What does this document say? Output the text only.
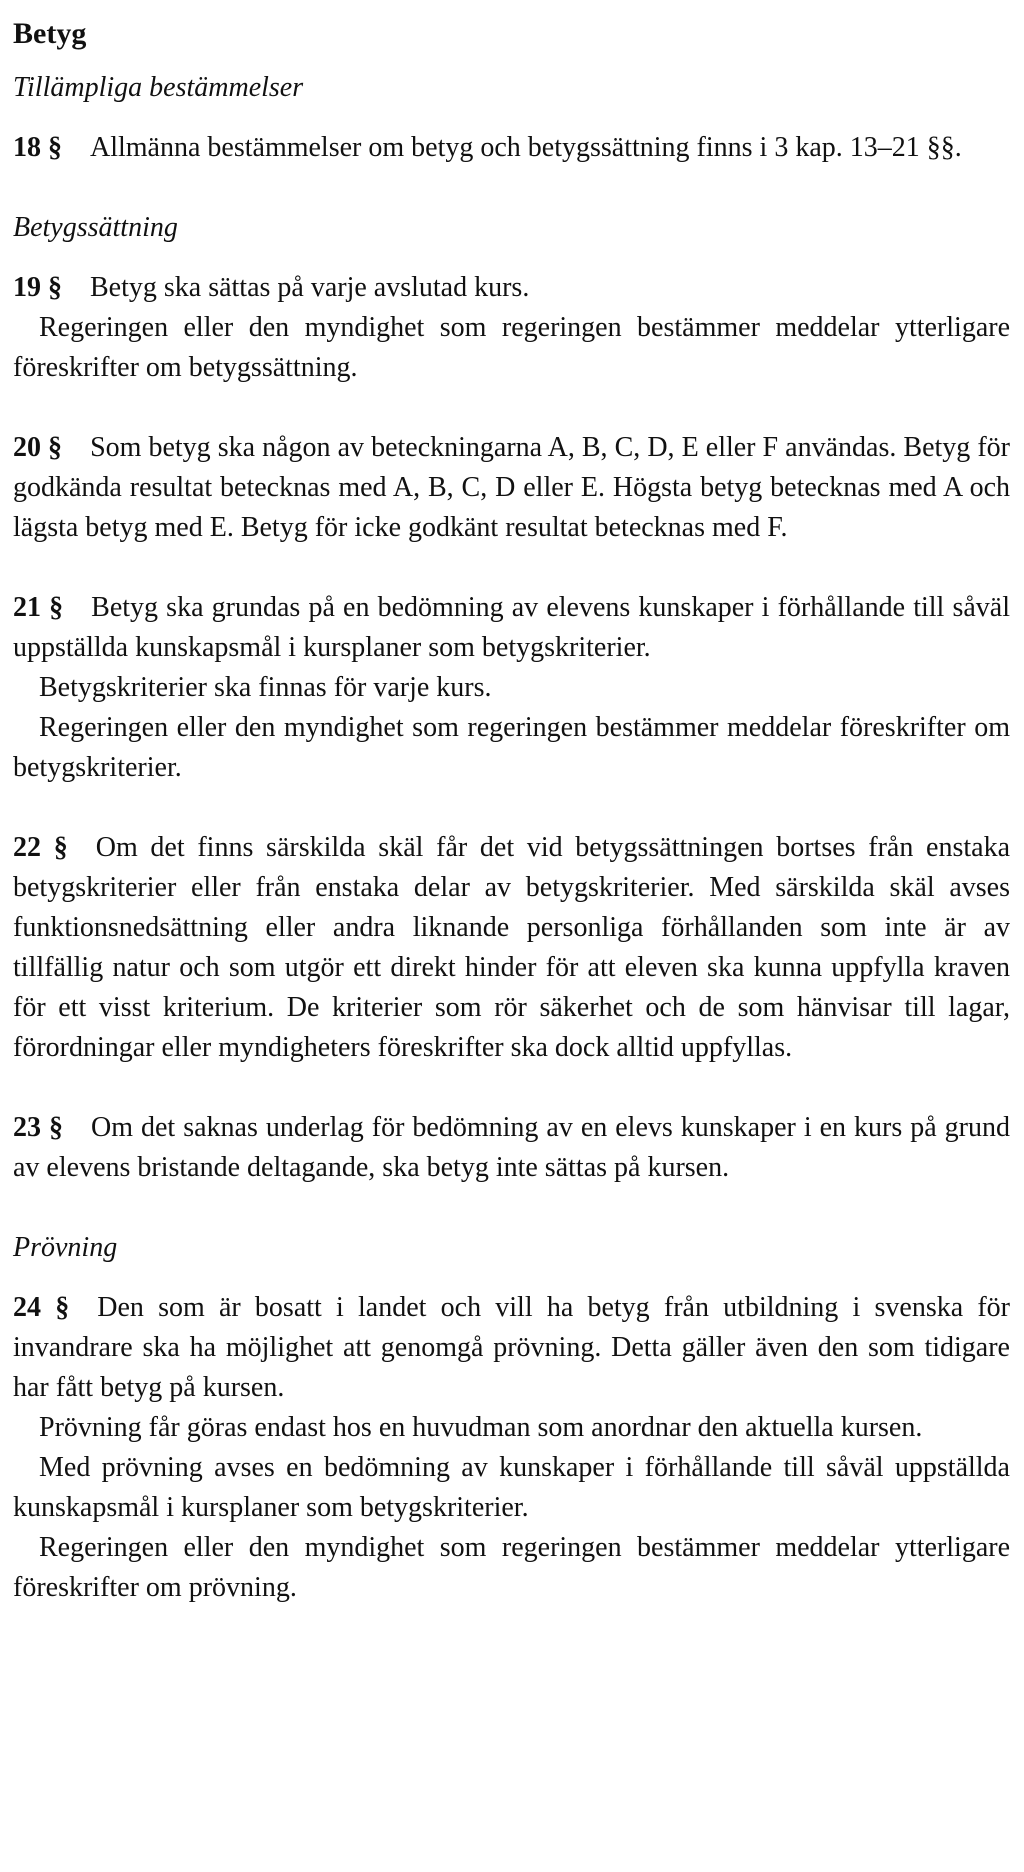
Betyg
Tillämpliga bestämmelser

18 § Allmänna bestämmelser om betyg och betygssättning finns i 3 kap. 13–21 §§.

Betygssättning

19 § Betyg ska sättas på varje avslutad kurs.

Regeringen eller den myndighet som regeringen bestämmer meddelar ytterligare föreskrifter om betygssättning.

20 § Som betyg ska någon av beteckningarna A, B, C, D, E eller F användas. Betyg för godkända resultat betecknas med A, B, C, D eller E. Högsta betyg betecknas med A och lägsta betyg med E. Betyg för icke godkänt resultat betecknas med F.

21 § Betyg ska grundas på en bedömning av elevens kunskaper i förhållande till såväl uppställda kunskapsmål i kursplaner som betygskriterier.

Betygskriterier ska finnas för varje kurs.

Regeringen eller den myndighet som regeringen bestämmer meddelar föreskrifter om betygskriterier.

22 § Om det finns särskilda skäl får det vid betygssättningen bortses från enstaka betygskriterier eller från enstaka delar av betygskriterier. Med särskilda skäl avses funktionsnedsättning eller andra liknande personliga förhållanden som inte är av tillfällig natur och som utgör ett direkt hinder för att eleven ska kunna uppfylla kraven för ett visst kriterium. De kriterier som rör säkerhet och de som hänvisar till lagar, förordningar eller myndigheters föreskrifter ska dock alltid uppfyllas.

23 § Om det saknas underlag för bedömning av en elevs kunskaper i en kurs på grund av elevens bristande deltagande, ska betyg inte sättas på kursen.

Prövning

24 § Den som är bosatt i landet och vill ha betyg från utbildning i svenska för invandrare ska ha möjlighet att genomgå prövning. Detta gäller även den som tidigare har fått betyg på kursen.

Prövning får göras endast hos en huvudman som anordnar den aktuella kursen.

Med prövning avses en bedömning av kunskaper i förhållande till såväl uppställda kunskapsmål i kursplaner som betygskriterier.

Regeringen eller den myndighet som regeringen bestämmer meddelar ytterligare föreskrifter om prövning.
